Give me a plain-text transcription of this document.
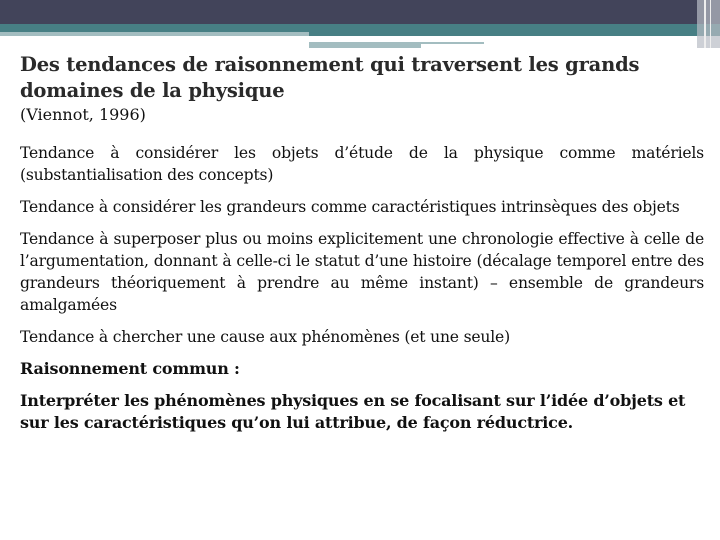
Des tendances de raisonnement qui traversent les grands domaines de la physique
(Viennot, 1996)

Tendance à considérer les objets d’étude de la physique comme matériels (substantialisation des concepts)

Tendance à considérer les grandeurs comme caractéristiques intrinsèques des objets

Tendance à superposer plus ou moins explicitement une chronologie effective à celle de l’argumentation, donnant à celle-ci le statut d’une histoire (décalage temporel entre des grandeurs théoriquement à prendre au même instant) – ensemble de grandeurs amalgamées

Tendance à chercher une cause aux phénomènes (et une seule)

Raisonnement commun :

Interpréter les phénomènes physiques en se focalisant sur l’idée d’objets et sur les caractéristiques qu’on lui attribue, de façon réductrice.
